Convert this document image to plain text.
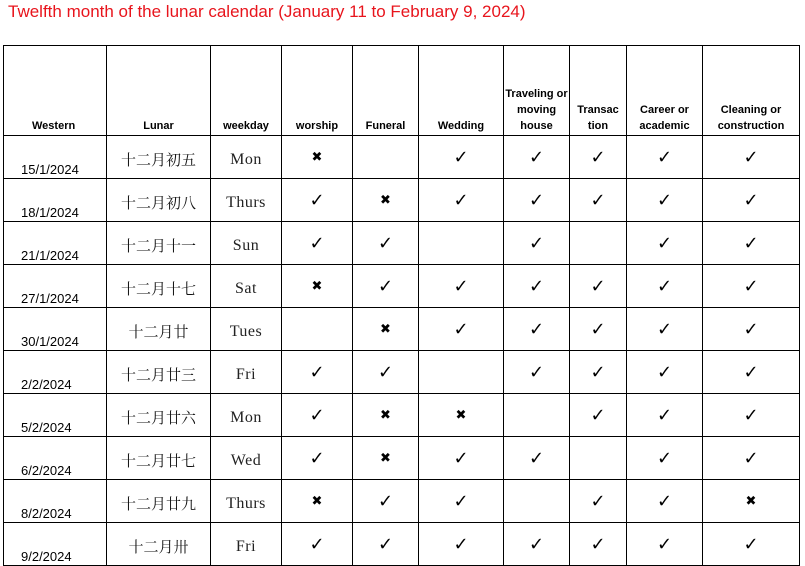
Twelfth month of the lunar calendar (January 11 to February 9, 2024)
Western	Lunar	weekday	worship	Funeral	Wedding	Traveling or moving house	Transac tion	Career or academic	Cleaning or construction
15/1/2024	十二月初五	Mon	✖		✓	✓	✓	✓	✓
18/1/2024	十二月初八	Thurs	✓	✖	✓	✓	✓	✓	✓
21/1/2024	十二月十一	Sun	✓	✓		✓		✓	✓
27/1/2024	十二月十七	Sat	✖	✓	✓	✓	✓	✓	✓
30/1/2024	十二月廿	Tues		✖	✓	✓	✓	✓	✓
2/2/2024	十二月廿三	Fri	✓	✓		✓	✓	✓	✓
5/2/2024	十二月廿六	Mon	✓	✖	✖		✓	✓	✓
6/2/2024	十二月廿七	Wed	✓	✖	✓	✓		✓	✓
8/2/2024	十二月廿九	Thurs	✖	✓	✓		✓	✓	✖
9/2/2024	十二月卅	Fri	✓	✓	✓	✓	✓	✓	✓
